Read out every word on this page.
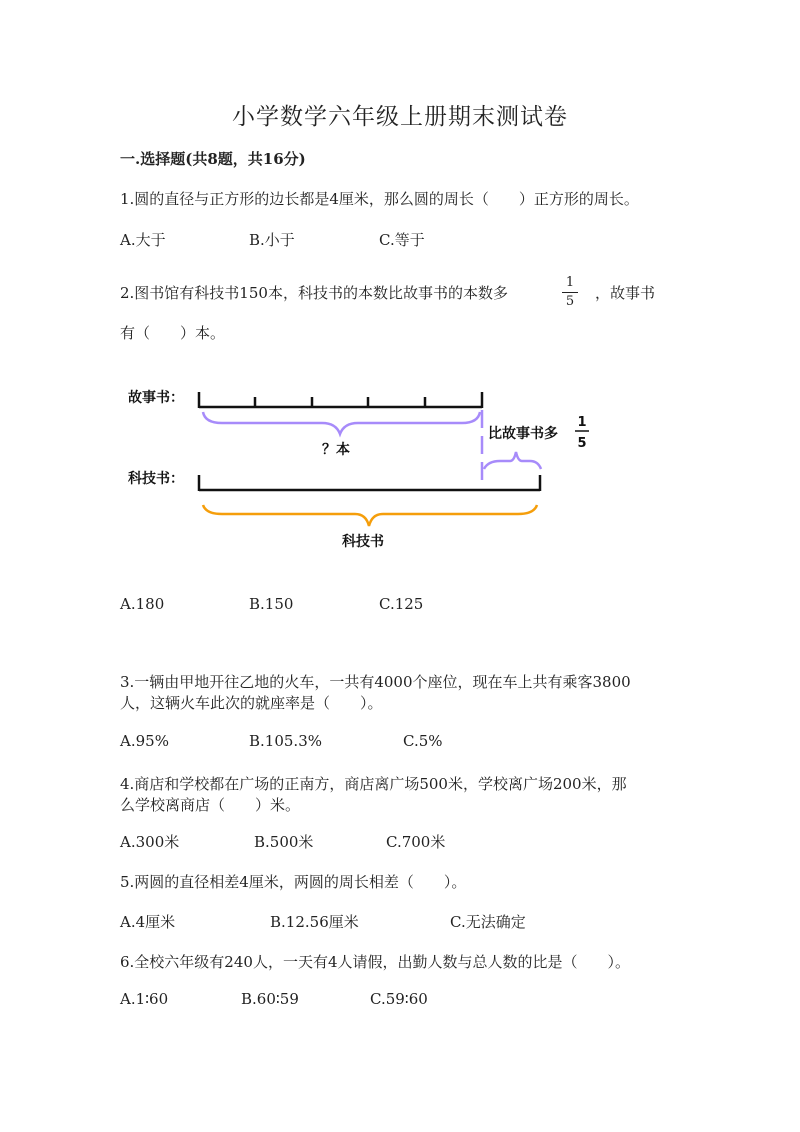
小学数学六年级上册期末测试卷
一.选择题(共8题，共16分)
1.圆的直径与正方形的边长都是4厘米，那么圆的周长（　　）正方形的周长。
A.大于	B.小于	C.等于
2.图书馆有科技书150本，科技书的本数比故事书的本数多
1
5 ，故事书
有（　　）本。
故事书：
？本
比故事书多
1
5
科技书：
科技书
A.180	B.150	C.125
3.一辆由甲地开往乙地的火车，一共有4000个座位，现在车上共有乘客3800
人，这辆火车此次的就座率是（　　）。
A.95%	B.105.3%	C.5%
4.商店和学校都在广场的正南方，商店离广场500米，学校离广场200米，那
么学校离商店（　　）米。
A.300米	B.500米	C.700米
5.两圆的直径相差4厘米，两圆的周长相差（　　）。
A.4厘米	B.12.56厘米	C.无法确定
6.全校六年级有240人，一天有4人请假，出勤人数与总人数的比是（　　）。
A.1∶60	B.60∶59	C.59∶60
